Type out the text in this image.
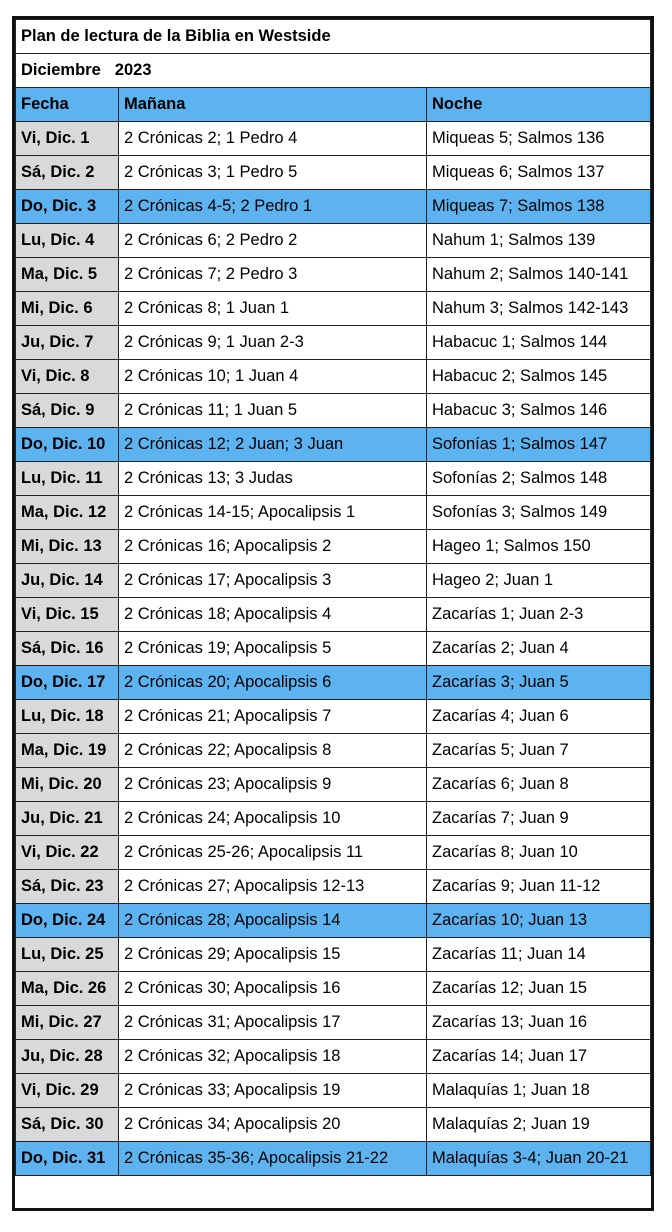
Plan de lectura de la Biblia en Westside		
Diciembre 2023		
Fecha	Mañana	Noche
Vi, Dic. 1	2 Crónicas 2; 1 Pedro 4	Miqueas 5; Salmos 136
Sá, Dic. 2	2 Crónicas 3; 1 Pedro 5	Miqueas 6; Salmos 137
Do, Dic. 3	2 Crónicas 4-5; 2 Pedro 1	Miqueas 7; Salmos 138
Lu, Dic. 4	2 Crónicas 6; 2 Pedro 2	Nahum 1; Salmos 139
Ma, Dic. 5	2 Crónicas 7; 2 Pedro 3	Nahum 2; Salmos 140-141
Mi, Dic. 6	2 Crónicas 8; 1 Juan 1	Nahum 3; Salmos 142-143
Ju, Dic. 7	2 Crónicas 9; 1 Juan 2-3	Habacuc 1; Salmos 144
Vi, Dic. 8	2 Crónicas 10; 1 Juan 4	Habacuc 2; Salmos 145
Sá, Dic. 9	2 Crónicas 11; 1 Juan 5	Habacuc 3; Salmos 146
Do, Dic. 10	2 Crónicas 12; 2 Juan; 3 Juan	Sofonías 1; Salmos 147
Lu, Dic. 11	2 Crónicas 13; 3 Judas	Sofonías 2; Salmos 148
Ma, Dic. 12	2 Crónicas 14-15; Apocalipsis 1	Sofonías 3; Salmos 149
Mi, Dic. 13	2 Crónicas 16; Apocalipsis 2	Hageo 1; Salmos 150
Ju, Dic. 14	2 Crónicas 17; Apocalipsis 3	Hageo 2; Juan 1
Vi, Dic. 15	2 Crónicas 18; Apocalipsis 4	Zacarías 1; Juan 2-3
Sá, Dic. 16	2 Crónicas 19; Apocalipsis 5	Zacarías 2; Juan 4
Do, Dic. 17	2 Crónicas 20; Apocalipsis 6	Zacarías 3; Juan 5
Lu, Dic. 18	2 Crónicas 21; Apocalipsis 7	Zacarías 4; Juan 6
Ma, Dic. 19	2 Crónicas 22; Apocalipsis 8	Zacarías 5; Juan 7
Mi, Dic. 20	2 Crónicas 23; Apocalipsis 9	Zacarías 6; Juan 8
Ju, Dic. 21	2 Crónicas 24; Apocalipsis 10	Zacarías 7; Juan 9
Vi, Dic. 22	2 Crónicas 25-26; Apocalipsis 11	Zacarías 8; Juan 10
Sá, Dic. 23	2 Crónicas 27; Apocalipsis 12-13	Zacarías 9; Juan 11-12
Do, Dic. 24	2 Crónicas 28; Apocalipsis 14	Zacarías 10; Juan 13
Lu, Dic. 25	2 Crónicas 29; Apocalipsis 15	Zacarías 11; Juan 14
Ma, Dic. 26	2 Crónicas 30; Apocalipsis 16	Zacarías 12; Juan 15
Mi, Dic. 27	2 Crónicas 31; Apocalipsis 17	Zacarías 13; Juan 16
Ju, Dic. 28	2 Crónicas 32; Apocalipsis 18	Zacarías 14; Juan 17
Vi, Dic. 29	2 Crónicas 33; Apocalipsis 19	Malaquías 1; Juan 18
Sá, Dic. 30	2 Crónicas 34; Apocalipsis 20	Malaquías 2; Juan 19
Do, Dic. 31	2 Crónicas 35-36; Apocalipsis 21-22	Malaquías 3-4; Juan 20-21
